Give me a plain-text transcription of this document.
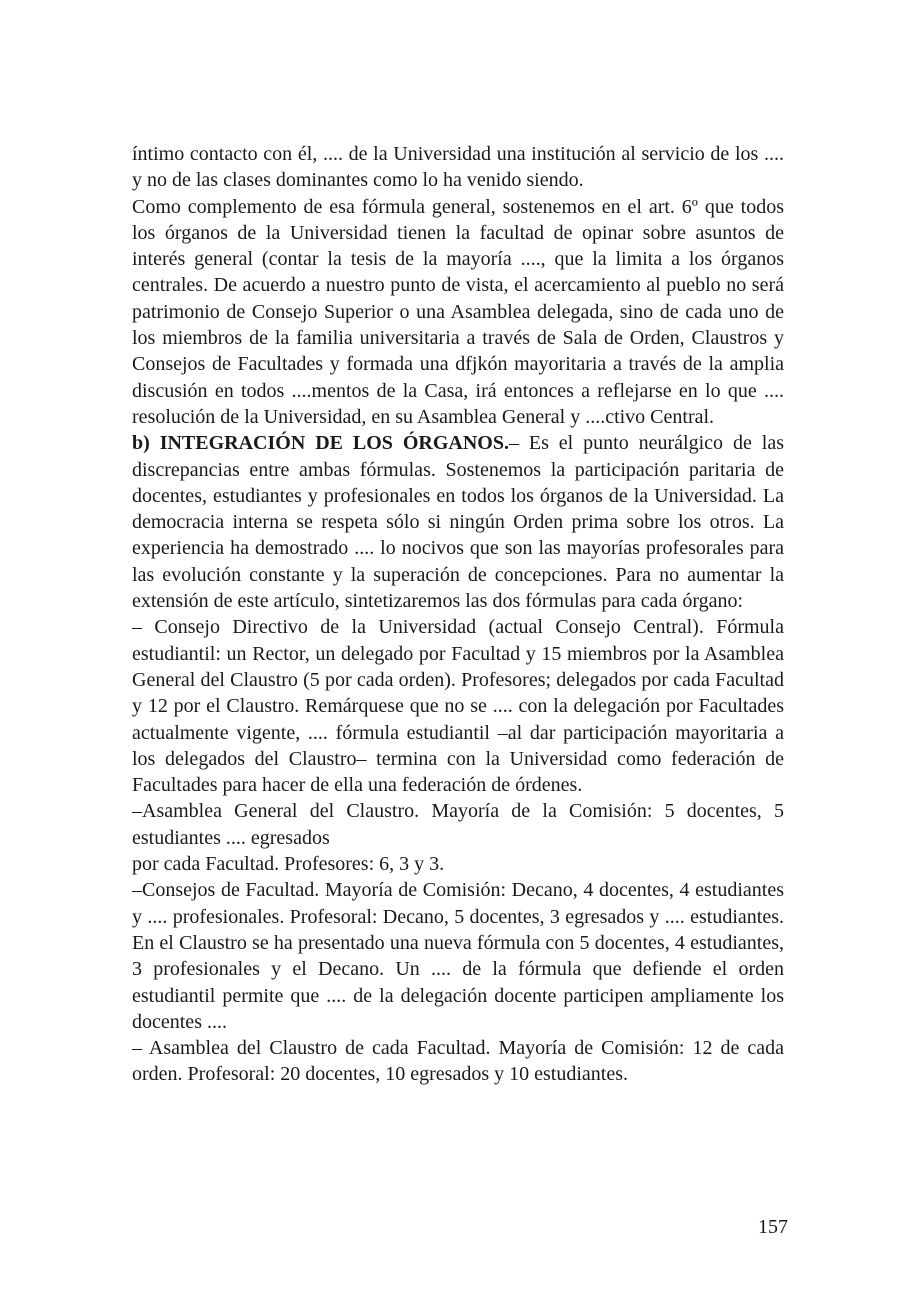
íntimo contacto con él, .... de la Universidad una institución al servicio de los .... y no de las clases dominantes como lo ha venido siendo.

Como complemento de esa fórmula general, sostenemos en el art. 6º que todos los órganos de la Universidad tienen la facultad de opinar sobre asuntos de interés general (contar la tesis de la mayoría ...., que la limita a los órganos centrales. De acuerdo a nuestro punto de vista, el acercamiento al pueblo no será patrimonio de Consejo Superior o una Asamblea delegada, sino de cada uno de los miembros de la familia universitaria a través de Sala de Orden, Claustros y Consejos de Facultades y formada una dfjkón mayoritaria a través de la amplia discusión en todos ....mentos de la Casa, irá entonces a reflejarse en lo que .... resolución de la Universidad, en su Asamblea General y ....ctivo Central.

b) INTEGRACIÓN DE LOS ÓRGANOS.– Es el punto neurálgico de las discrepancias entre ambas fórmulas. Sostenemos la participación paritaria de docentes, estudiantes y profesionales en todos los órganos de la Universidad. La democracia interna se respeta sólo si ningún Orden prima sobre los otros. La experiencia ha demostrado .... lo nocivos que son las mayorías profesorales para las evolución constante y la superación de concepciones. Para no aumentar la extensión de este artículo, sintetizaremos las dos fórmulas para cada órgano:

– Consejo Directivo de la Universidad (actual Consejo Central). Fórmula estudiantil: un Rector, un delegado por Facultad y 15 miembros por la Asamblea General del Claustro (5 por cada orden). Profesores; delegados por cada Facultad y 12 por el Claustro. Remárquese que no se .... con la delegación por Facultades actualmente vigente, .... fórmula estudiantil –al dar participación mayoritaria a los delegados del Claustro– termina con la Universidad como federación de Facultades para hacer de ella una federación de órdenes.

–Asamblea General del Claustro. Mayoría de la Comisión: 5 docentes, 5 estudiantes .... egresados

por cada Facultad. Profesores: 6, 3 y 3.

–Consejos de Facultad. Mayoría de Comisión: Decano, 4 docentes, 4 estudiantes y .... profesionales. Profesoral: Decano, 5 docentes, 3 egresados y .... estudiantes. En el Claustro se ha presentado una nueva fórmula con 5 docentes, 4 estudiantes, 3 profesionales y el Decano. Un .... de la fórmula que defiende el orden estudiantil permite que .... de la delegación docente participen ampliamente los docentes ....

– Asamblea del Claustro de cada Facultad. Mayoría de Comisión: 12 de cada orden. Profesoral: 20 docentes, 10 egresados y 10 estudiantes.

157
